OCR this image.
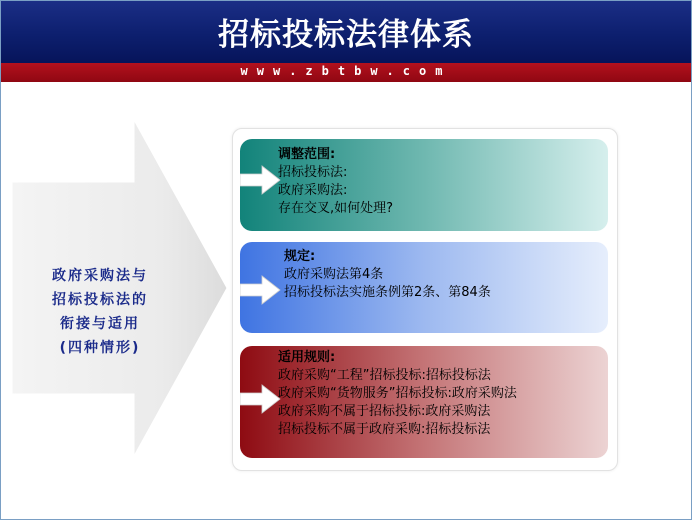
招标投标法律体系
www.zbtbw.com
政府采购法与
招标投标法的
衔接与适用
(四种情形)
调整范围:
招标投标法:
政府采购法:
存在交叉,如何处理?
规定:
政府采购法第4条
招标投标法实施条例第2条、第84条
适用规则:
政府采购“工程”招标投标:招标投标法
政府采购“货物服务”招标投标:政府采购法
政府采购不属于招标投标:政府采购法
招标投标不属于政府采购:招标投标法
